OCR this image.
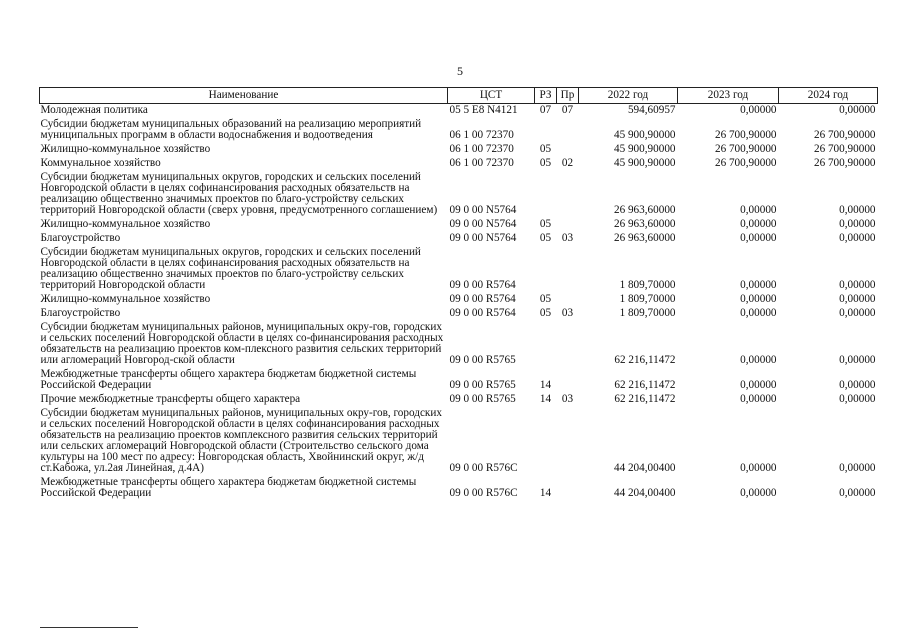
5
Наименование	ЦСТ	РЗ	Пр	2022 год	2023 год	2024 год
Молодежная политика	05 5 E8 N4121	07	07	594,60957	0,00000	0,00000
Субсидии бюджетам муниципальных образований на реализацию мероприятий муниципальных программ в области водоснабжения и водоотведения	06 1 00 72370			45 900,90000	26 700,90000	26 700,90000
Жилищно-коммунальное хозяйство	06 1 00 72370	05		45 900,90000	26 700,90000	26 700,90000
Коммунальное хозяйство	06 1 00 72370	05	02	45 900,90000	26 700,90000	26 700,90000
Субсидии бюджетам муниципальных округов, городских и сельских поселений Новгородской области в целях софинансирования расходных обязательств на реализацию общественно значимых проектов по благо-устройству сельских территорий Новгородской области (сверх уровня, предусмотренного соглашением)	09 0 00 N5764			26 963,60000	0,00000	0,00000
Жилищно-коммунальное хозяйство	09 0 00 N5764	05		26 963,60000	0,00000	0,00000
Благоустройство	09 0 00 N5764	05	03	26 963,60000	0,00000	0,00000
Субсидии бюджетам муниципальных округов, городских и сельских поселений Новгородской области в целях софинансирования расходных обязательств на реализацию общественно значимых проектов по благо-устройству сельских территорий Новгородской области	09 0 00 R5764			1 809,70000	0,00000	0,00000
Жилищно-коммунальное хозяйство	09 0 00 R5764	05		1 809,70000	0,00000	0,00000
Благоустройство	09 0 00 R5764	05	03	1 809,70000	0,00000	0,00000
Субсидии бюджетам муниципальных районов, муниципальных окру-гов, городских и сельских поселений Новгородской области в целях со-финансирования расходных обязательств на реализацию проектов ком-плексного развития сельских территорий или агломераций Новгород-ской области	09 0 00 R5765			62 216,11472	0,00000	0,00000
Межбюджетные трансферты общего характера бюджетам бюджетной системы Российской Федерации	09 0 00 R5765	14		62 216,11472	0,00000	0,00000
Прочие межбюджетные трансферты общего характера	09 0 00 R5765	14	03	62 216,11472	0,00000	0,00000
Субсидии бюджетам муниципальных районов, муниципальных окру-гов, городских и сельских поселений Новгородской области в целях софинансирования расходных обязательств на реализацию проектов комплексного развития сельских территорий или сельских агломераций Новгородской области (Строительство сельского дома культуры на 100 мест по адресу: Новгородская область, Хвойнинский округ, ж/д ст.Кабожа, ул.2ая Линейная, д.4А)	09 0 00 R576C			44 204,00400	0,00000	0,00000
Межбюджетные трансферты общего характера бюджетам бюджетной системы Российской Федерации	09 0 00 R576C	14		44 204,00400	0,00000	0,00000
